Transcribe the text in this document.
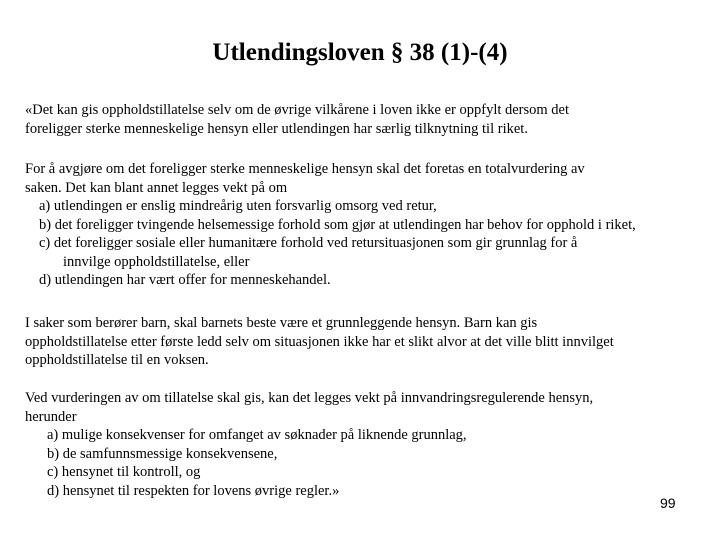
Utlendingsloven § 38 (1)-(4)
«Det kan gis oppholdstillatelse selv om de øvrige vilkårene i loven ikke er oppfylt dersom det
foreligger sterke menneskelige hensyn eller utlendingen har særlig tilknytning til riket.
For å avgjøre om det foreligger sterke menneskelige hensyn skal det foretas en totalvurdering av
saken. Det kan blant annet legges vekt på om
a) utlendingen er enslig mindreårig uten forsvarlig omsorg ved retur,
b) det foreligger tvingende helsemessige forhold som gjør at utlendingen har behov for opphold i riket,
c) det foreligger sosiale eller humanitære forhold ved retursituasjonen som gir grunnlag for å
innvilge oppholdstillatelse, eller
d) utlendingen har vært offer for menneskehandel.
I saker som berører barn, skal barnets beste være et grunnleggende hensyn. Barn kan gis
oppholdstillatelse etter første ledd selv om situasjonen ikke har et slikt alvor at det ville blitt innvilget
oppholdstillatelse til en voksen.
Ved vurderingen av om tillatelse skal gis, kan det legges vekt på innvandringsregulerende hensyn,
herunder
a) mulige konsekvenser for omfanget av søknader på liknende grunnlag,
b) de samfunnsmessige konsekvensene,
c) hensynet til kontroll, og
d) hensynet til respekten for lovens øvrige regler.»
99
